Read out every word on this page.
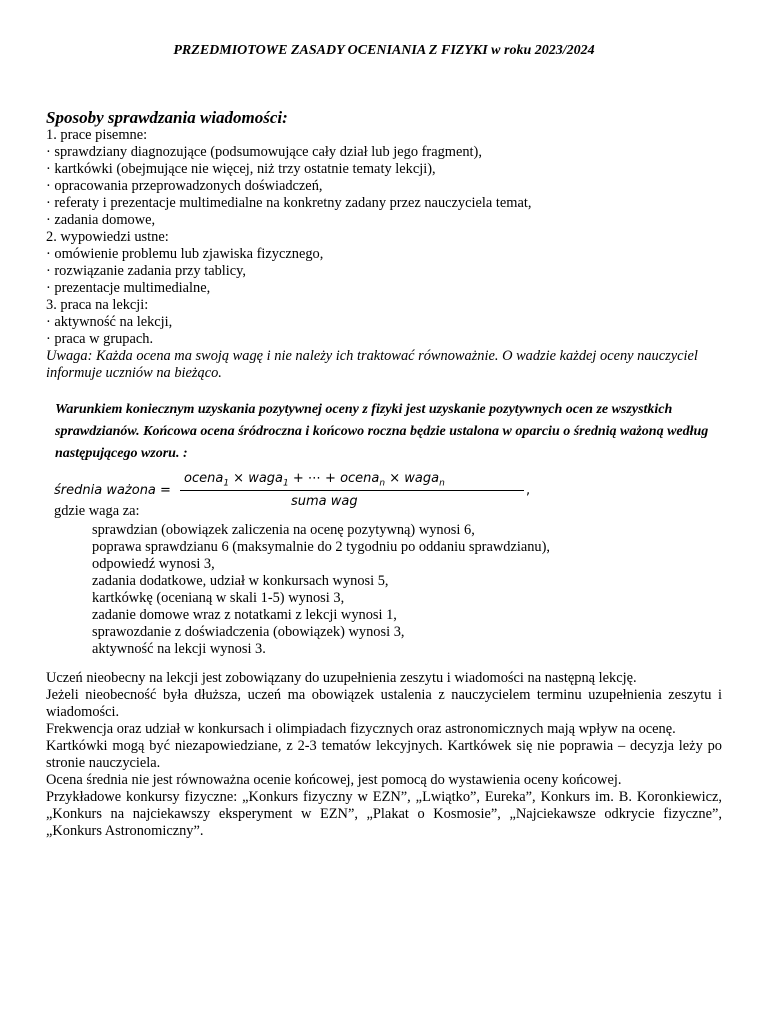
PRZEDMIOTOWE ZASADY OCENIANIA Z FIZYKI w roku 2023/2024
Sposoby sprawdzania wiadomości:
1. prace pisemne:
· sprawdziany diagnozujące (podsumowujące cały dział lub jego fragment),
· kartkówki (obejmujące nie więcej, niż trzy ostatnie tematy lekcji),
· opracowania przeprowadzonych doświadczeń,
· referaty i prezentacje multimedialne na konkretny zadany przez nauczyciela temat,
· zadania domowe,
2. wypowiedzi ustne:
· omówienie problemu lub zjawiska fizycznego,
· rozwiązanie zadania przy tablicy,
· prezentacje multimedialne,
3. praca na lekcji:
· aktywność na lekcji,
· praca w grupach.
Uwaga: Każda ocena ma swoją wagę i nie należy ich traktować równoważnie. O wadzie każdej oceny nauczyciel informuje uczniów na bieżąco.
Warunkiem koniecznym uzyskania pozytywnej oceny z fizyki jest uzyskanie pozytywnych ocen ze wszystkich sprawdzianów. Końcowa ocena śródroczna i końcowo roczna będzie ustalona w oparciu o średnią ważoną według następującego wzoru. :
średnia ważona =
ocena$_1$ × waga$_1$ + ⋯ + ocena$_n$ × waga$_n$
suma wag
,
gdzie waga za:
sprawdzian (obowiązek zaliczenia na ocenę pozytywną) wynosi 6,
poprawa sprawdzianu 6 (maksymalnie do 2 tygodniu po oddaniu sprawdzianu),
odpowiedź wynosi 3,
zadania dodatkowe, udział w konkursach wynosi 5,
kartkówkę (ocenianą w skali 1-5) wynosi 3,
zadanie domowe wraz z notatkami z lekcji wynosi 1,
sprawozdanie z doświadczenia (obowiązek) wynosi 3,
aktywność na lekcji wynosi 3.

Uczeń nieobecny na lekcji jest zobowiązany do uzupełnienia zeszytu i wiadomości na następną lekcję.

Jeżeli nieobecność była dłuższa, uczeń ma obowiązek ustalenia z nauczycielem terminu uzupełnienia zeszytu i wiadomości.

Frekwencja oraz udział w konkursach i olimpiadach fizycznych oraz astronomicznych mają wpływ na ocenę.

Kartkówki mogą być niezapowiedziane, z 2-3 tematów lekcyjnych. Kartkówek się nie poprawia – decyzja leży po stronie nauczyciela.

Ocena średnia nie jest równoważna ocenie końcowej, jest pomocą do wystawienia oceny końcowej.

Przykładowe konkursy fizyczne: „Konkurs fizyczny w EZN”, „Lwiątko”, Eureka”, Konkurs im. B. Koronkiewicz, „Konkurs na najciekawszy eksperyment w EZN”, „Plakat o Kosmosie”, „Najciekawsze odkrycie fizyczne”, „Konkurs Astronomiczny”.
